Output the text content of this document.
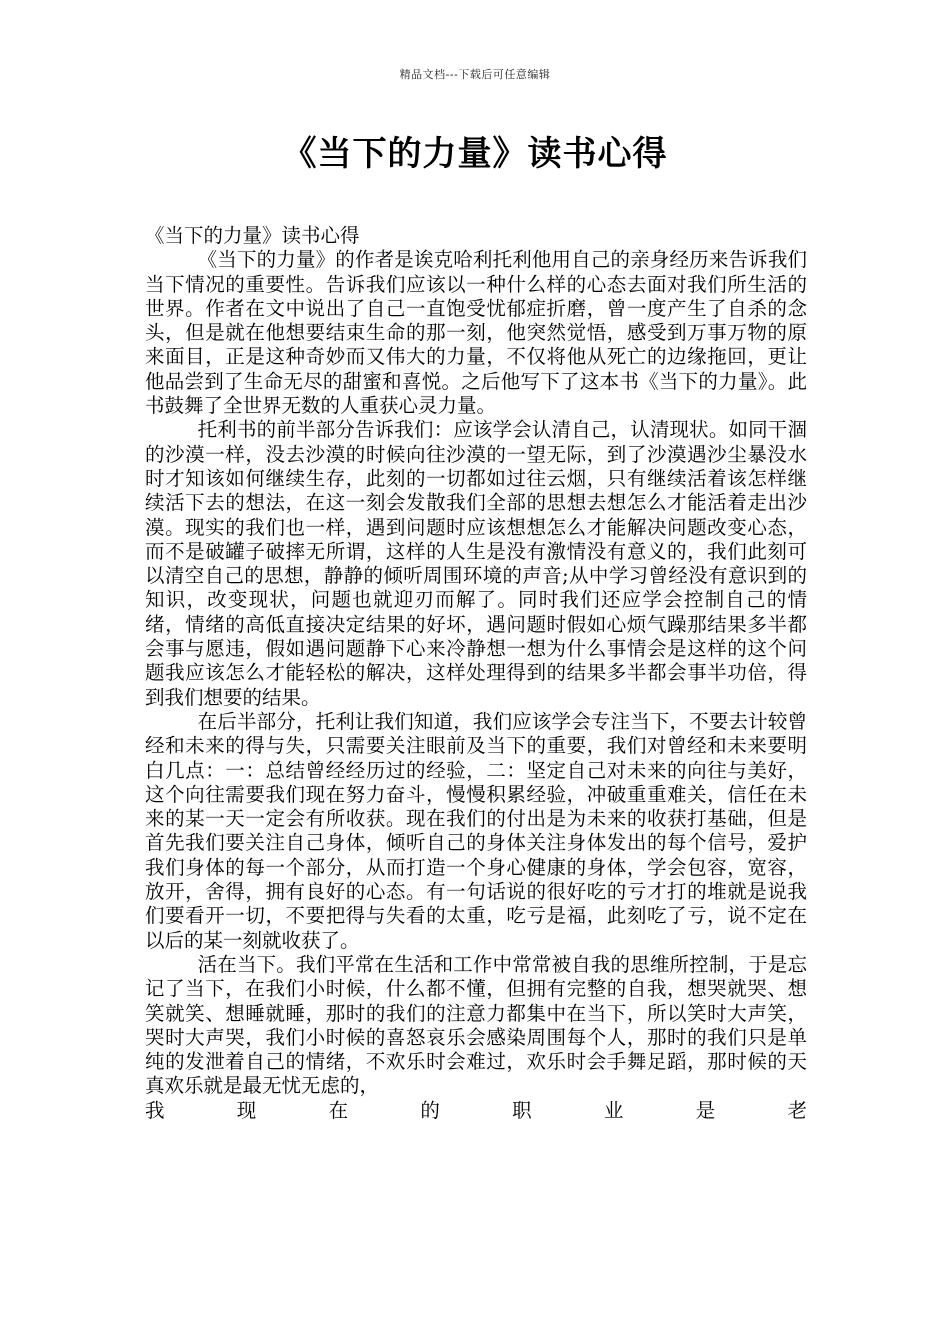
精品文档---下载后可任意编辑
《当下的力量》读书心得

《当下的力量》读书心得

《当下的力量》的作者是诶克哈利托利他用自己的亲身经历来告诉我们当下情况的重要性。告诉我们应该以一种什么样的心态去面对我们所生活的世界。作者在文中说出了自己一直饱受忧郁症折磨，曾一度产生了自杀的念头，但是就在他想要结束生命的那一刻，他突然觉悟，感受到万事万物的原来面目，正是这种奇妙而又伟大的力量，不仅将他从死亡的边缘拖回，更让他品尝到了生命无尽的甜蜜和喜悦。之后他写下了这本书《当下的力量》。此书鼓舞了全世界无数的人重获心灵力量。

托利书的前半部分告诉我们：应该学会认清自己，认清现状。如同干涸的沙漠一样，没去沙漠的时候向往沙漠的一望无际，到了沙漠遇沙尘暴没水时才知该如何继续生存，此刻的一切都如过往云烟，只有继续活着该怎样继续活下去的想法，在这一刻会发散我们全部的思想去想怎么才能活着走出沙漠。现实的我们也一样，遇到问题时应该想想怎么才能解决问题改变心态，而不是破罐子破摔无所谓，这样的人生是没有激情没有意义的，我们此刻可以清空自己的思想，静静的倾听周围环境的声音;从中学习曾经没有意识到的知识，改变现状，问题也就迎刃而解了。同时我们还应学会控制自己的情绪，情绪的高低直接决定结果的好坏，遇问题时假如心烦气躁那结果多半都会事与愿违，假如遇问题静下心来冷静想一想为什么事情会是这样的这个问题我应该怎么才能轻松的解决，这样处理得到的结果多半都会事半功倍，得到我们想要的结果。

在后半部分，托利让我们知道，我们应该学会专注当下，不要去计较曾经和未来的得与失，只需要关注眼前及当下的重要，我们对曾经和未来要明白几点：一：总结曾经经历过的经验，二：坚定自己对未来的向往与美好，这个向往需要我们现在努力奋斗，慢慢积累经验，冲破重重难关，信任在未来的某一天一定会有所收获。现在我们的付出是为未来的收获打基础，但是首先我们要关注自己身体，倾听自己的身体关注身体发出的每个信号，爱护我们身体的每一个部分，从而打造一个身心健康的身体，学会包容，宽容，放开，舍得，拥有良好的心态。有一句话说的很好吃的亏才打的堆就是说我们要看开一切，不要把得与失看的太重，吃亏是福，此刻吃了亏，说不定在以后的某一刻就收获了。

活在当下。我们平常在生活和工作中常常被自我的思维所控制，于是忘记了当下，在我们小时候，什么都不懂，但拥有完整的自我，想哭就哭、想笑就笑、想睡就睡，那时的我们的注意力都集中在当下，所以笑时大声笑，哭时大声哭，我们小时候的喜怒哀乐会感染周围每个人，那时的我们只是单纯的发泄着自己的情绪，不欢乐时会难过，欢乐时会手舞足蹈，那时候的天真欢乐就是最无忧无虑的，

我	现	在	的	职	业	是	老
